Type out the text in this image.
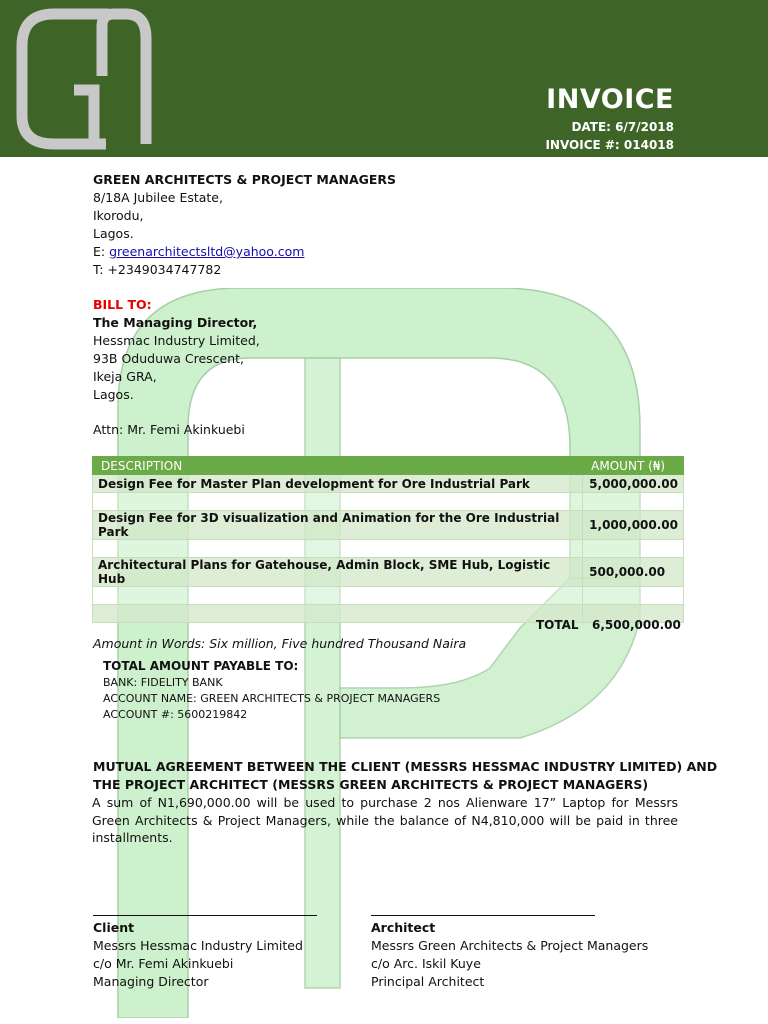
INVOICE
DATE: 6/7/2018
INVOICE #: 014018
GREEN ARCHITECTS & PROJECT MANAGERS
8/18A Jubilee Estate,
Ikorodu,
Lagos.
E: greenarchitectsltd@yahoo.com
T: +2349034747782
BILL TO:
The Managing Director,
Hessmac Industry Limited,
93B Oduduwa Crescent,
Ikeja GRA,
Lagos.
Attn: Mr. Femi Akinkuebi
DESCRIPTION	AMOUNT (₦)
Design Fee for Master Plan development for Ore Industrial Park	5,000,000.00

Design Fee for 3D visualization and Animation for the Ore Industrial Park	1,000,000.00

Architectural Plans for Gatehouse, Admin Block, SME Hub, Logistic Hub	500,000.00

TOTAL 6,500,000.00
Amount in Words: Six million, Five hundred Thousand Naira
TOTAL AMOUNT PAYABLE TO:
BANK: FIDELITY BANK
ACCOUNT NAME: GREEN ARCHITECTS & PROJECT MANAGERS
ACCOUNT #: 5600219842
MUTUAL AGREEMENT BETWEEN THE CLIENT (MESSRS HESSMAC INDUSTRY LIMITED) AND
THE PROJECT ARCHITECT (MESSRS GREEN ARCHITECTS & PROJECT MANAGERS)
A sum of N1,690,000.00 will be used to purchase 2 nos Alienware 17” Laptop for Messrs Green Architects & Project Managers, while the balance of N4,810,000 will be paid in three installments.
Client
Messrs Hessmac Industry Limited
c/o Mr. Femi Akinkuebi
Managing Director
Architect
Messrs Green Architects & Project Managers
c/o Arc. Iskil Kuye
Principal Architect
